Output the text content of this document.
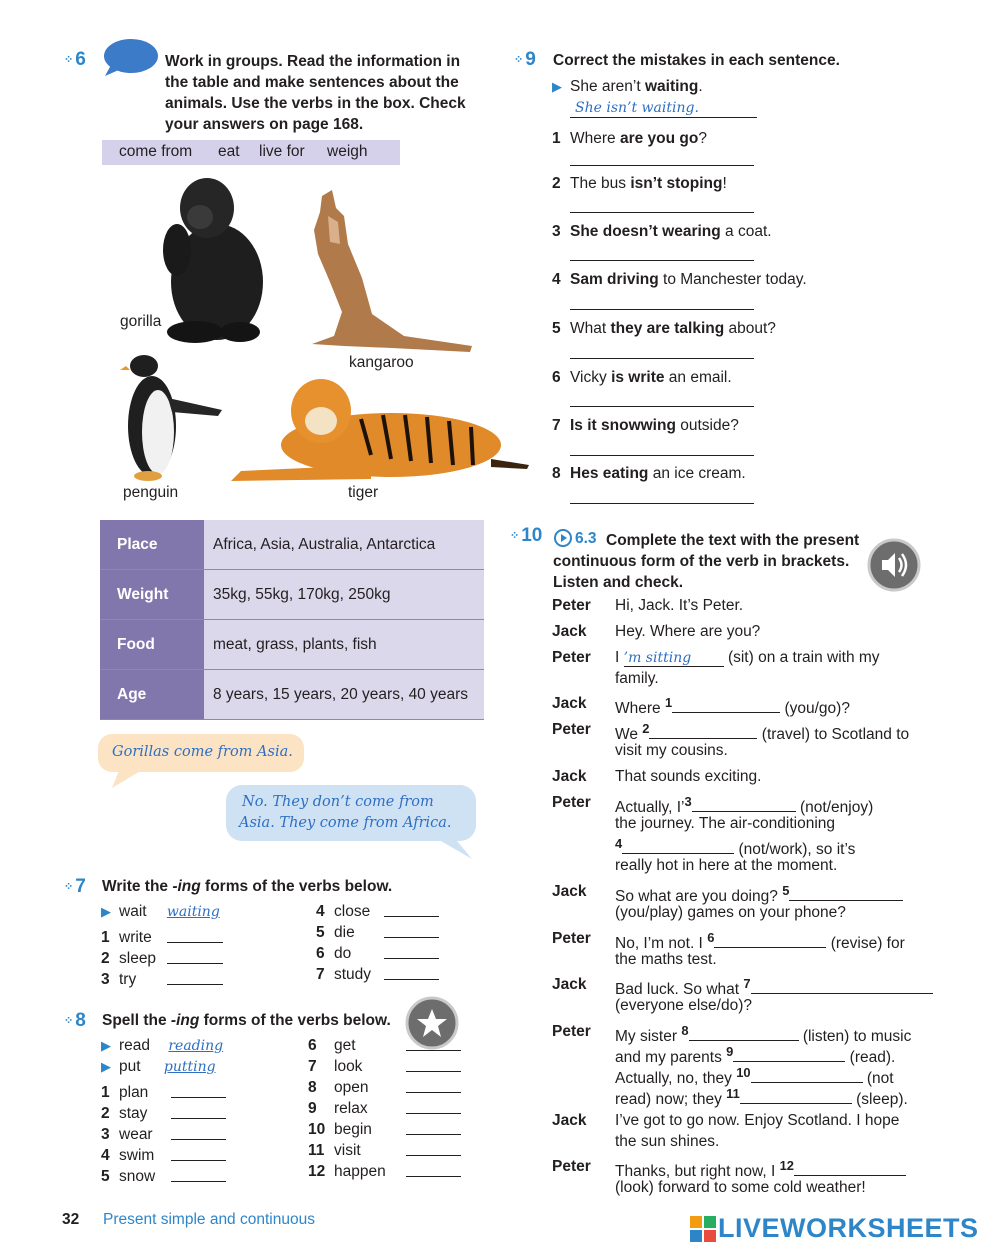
⁘ 6	Work in groups. Read the information in the table and make sentences about the animals. Use the verbs in the box. Check your answers on page 168.
come from eat live for weigh
gorilla
kangaroo
penguin	tiger
Place	Africa, Asia, Australia, Antarctica
Weight	35kg, 55kg, 170kg, 250kg
Food	meat, grass, plants, fish
Age	8 years, 15 years, 20 years, 40 years
Gorillas come from Asia.
No. They don’t come from
Asia. They come from Africa.
⁘ 7 Write the -ing forms of the verbs below.
▶ wait waiting
1 write
2 sleep
3 try
4 close
5 die
6 do
7 study
⁘ 8 Spell the -ing forms of the verbs below.
▶ read reading
▶ put putting
1 plan
2 stay
3 wear
4 swim
5 snow
6 get
7 look
8 open
9 relax
10 begin
11 visit
12 happen
⁘ 9 Correct the mistakes in each sentence.
▶ She aren’t waiting.
She isn’t waiting.
1 Where are you go?
2 The bus isn’t stoping!
3 She doesn’t wearing a coat.
4 Sam driving to Manchester today.
5 What they are talking about?
6 Vicky is write an email.
7 Is it snowwing outside?
8 Hes eating an ice cream.
⁘ 10 6.3 Complete the text with the present continuous form of the verb in brackets. Listen and check.
Peter Hi, Jack. It’s Peter.
Jack Hey. Where are you?
Peter I ’m sitting (sit) on a train with my
family.
Jack Where $^1$	(you/go)?
Peter We $^2$	(travel) to Scotland to
visit my cousins.
Jack That sounds exciting.
Peter Actually, I’$^3$	(not/enjoy)
the journey. The air-conditioning
$^4$	(not/work), so it’s
really hot in here at the moment.
Jack So what are you doing? $^5$
(you/play) games on your phone?
Peter No, I’m not. I $^6$	(revise) for
the maths test.
Jack Bad luck. So what $^7$
(everyone else/do)?
Peter My sister $^8$	(listen) to music
and my parents $^9$	(read).
Actually, no, they $^{10}$	(not
read) now; they $^{11}$	(sleep).
Jack I’ve got to go now. Enjoy Scotland. I hope
the sun shines.
Peter Thanks, but right now, I $^{12}$
(look) forward to some cold weather!
32 Present simple and continuous	LIVEWORKSHEETS
